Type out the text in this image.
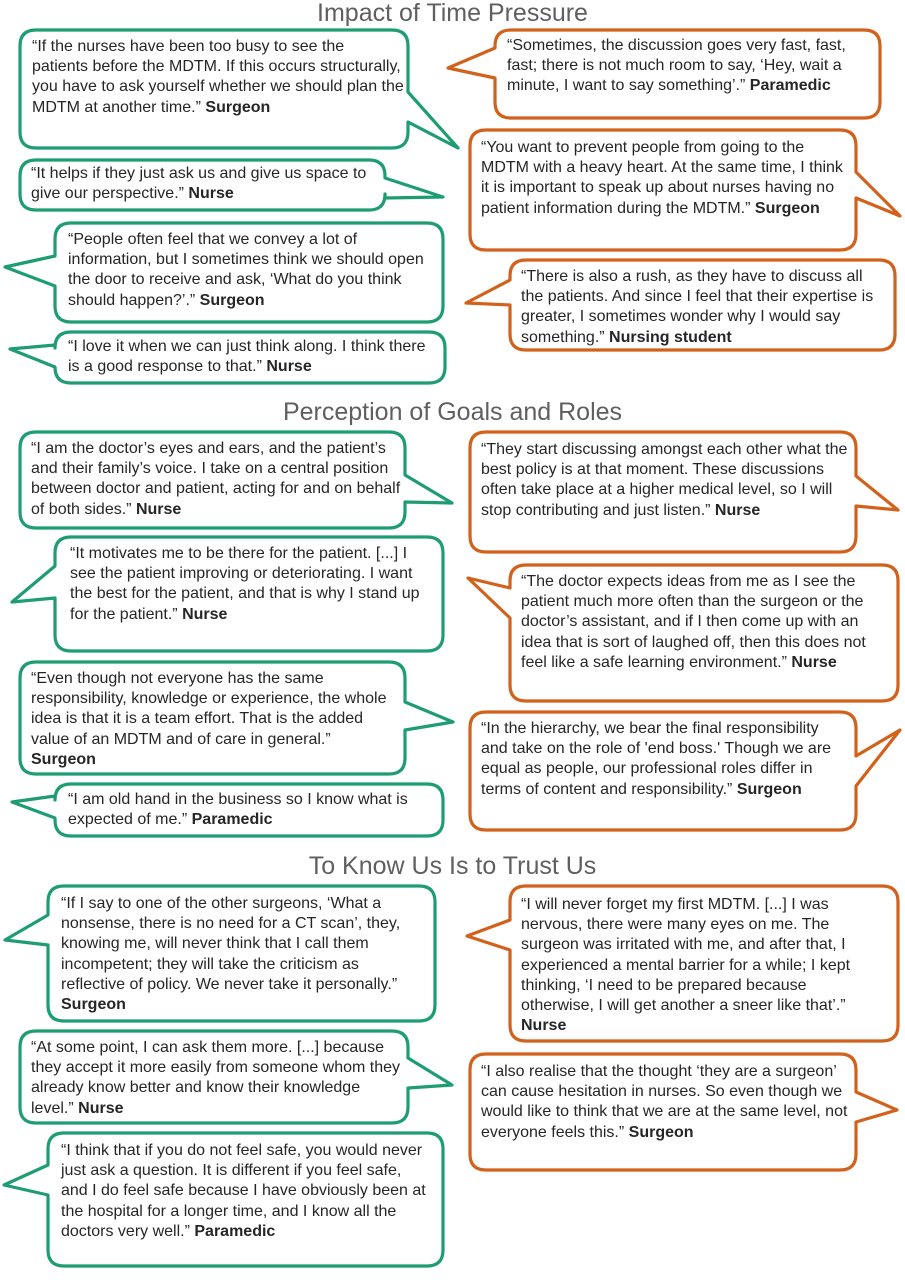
Impact of Time Pressure
Perception of Goals and Roles
To Know Us Is to Trust Us
“If the nurses have been too busy to see the patients before the MDTM. If this occurs structurally, you have to ask yourself whether we should plan the MDTM at another time.” Surgeon
“It helps if they just ask us and give us space to give our perspective.” Nurse
“People often feel that we convey a lot of information, but I sometimes think we should open the door to receive and ask, ‘What do you think should happen?’.” Surgeon
“I love it when we can just think along. I think there is a good response to that.” Nurse
“Sometimes, the discussion goes very fast, fast, fast; there is not much room to say, ‘Hey, wait a minute, I want to say something’.” Paramedic
“You want to prevent people from going to the MDTM with a heavy heart. At the same time, I think it is important to speak up about nurses having no patient information during the MDTM.” Surgeon
“There is also a rush, as they have to discuss all the patients. And since I feel that their expertise is greater, I sometimes wonder why I would say something.” Nursing student
“I am the doctor’s eyes and ears, and the patient’s and their family’s voice. I take on a central position between doctor and patient, acting for and on behalf of both sides.” Nurse
“It motivates me to be there for the patient. [...] I see the patient improving or deteriorating. I want the best for the patient, and that is why I stand up for the patient.” Nurse
“Even though not everyone has the same responsibility, knowledge or experience, the whole idea is that it is a team effort. That is the added value of an MDTM and of care in general.” Surgeon
“I am old hand in the business so I know what is expected of me.” Paramedic
“They start discussing amongst each other what the best policy is at that moment. These discussions often take place at a higher medical level, so I will stop contributing and just listen.” Nurse
“The doctor expects ideas from me as I see the patient much more often than the surgeon or the doctor’s assistant, and if I then come up with an idea that is sort of laughed off, then this does not feel like a safe learning environment.” Nurse
“In the hierarchy, we bear the final responsibility and take on the role of 'end boss.' Though we are equal as people, our professional roles differ in terms of content and responsibility.” Surgeon
“If I say to one of the other surgeons, ‘What a nonsense, there is no need for a CT scan’, they, knowing me, will never think that I call them incompetent; they will take the criticism as reflective of policy. We never take it personally.” Surgeon
“At some point, I can ask them more. [...] because they accept it more easily from someone whom they already know better and know their knowledge level.” Nurse
“I think that if you do not feel safe, you would never just ask a question. It is different if you feel safe, and I do feel safe because I have obviously been at the hospital for a longer time, and I know all the doctors very well.” Paramedic
“I will never forget my first MDTM. [...] I was nervous, there were many eyes on me. The surgeon was irritated with me, and after that, I experienced a mental barrier for a while; I kept thinking, ‘I need to be prepared because otherwise, I will get another a sneer like that’.” Nurse
“I also realise that the thought ‘they are a surgeon’ can cause hesitation in nurses. So even though we would like to think that we are at the same level, not everyone feels this.” Surgeon
